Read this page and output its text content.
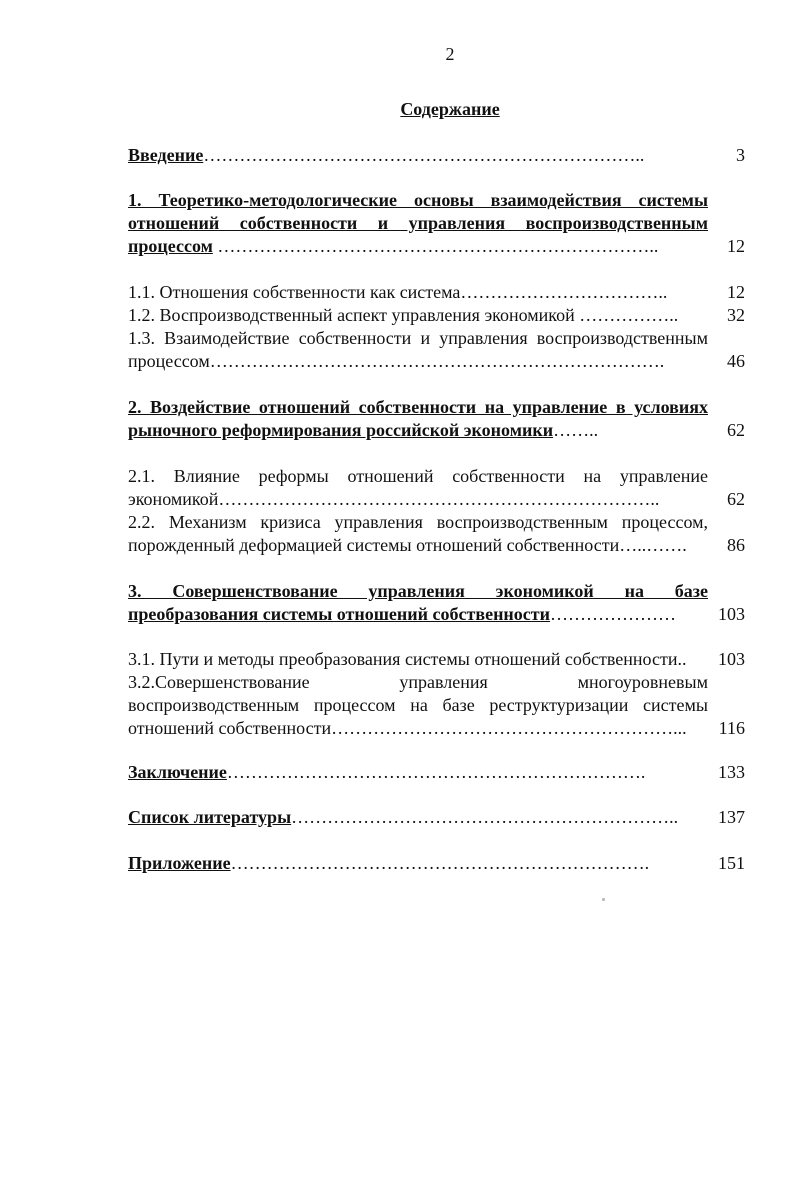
2
Содержание
Введение………………………………………………………………..	3
1. Теоретико-методологические основы взаимодействия системы
отношений собственности и управления воспроизводственным
процессом ………………………………………………………………..	12
1.1. Отношения собственности как система……………………………..	12
1.2. Воспроизводственный аспект управления экономикой ……………..	32
1.3. Взаимодействие собственности и управления воспроизводственным
процессом………………………………………………………………….	46
2. Воздействие отношений собственности на управление в условиях
рыночного реформирования российской экономики……..	62
2.1. Влияние реформы отношений собственности на управление
экономикой………………………………………………………………..	62
2.2. Механизм кризиса управления воспроизводственным процессом,
порожденный деформацией системы отношений собственности…..…….	86
3. Совершенствование управления экономикой на базе
преобразования системы отношений собственности…………………	103
3.1. Пути и методы преобразования системы отношений собственности..	103
3.2.Совершенствование управления многоуровневым
воспроизводственным процессом на базе реструктуризации системы
отношений собственности…………………………………………………...	116
Заключение…………………………………………………………….	133
Список литературы………………………………………………………..	137
Приложение…………………………………………………………….	151
